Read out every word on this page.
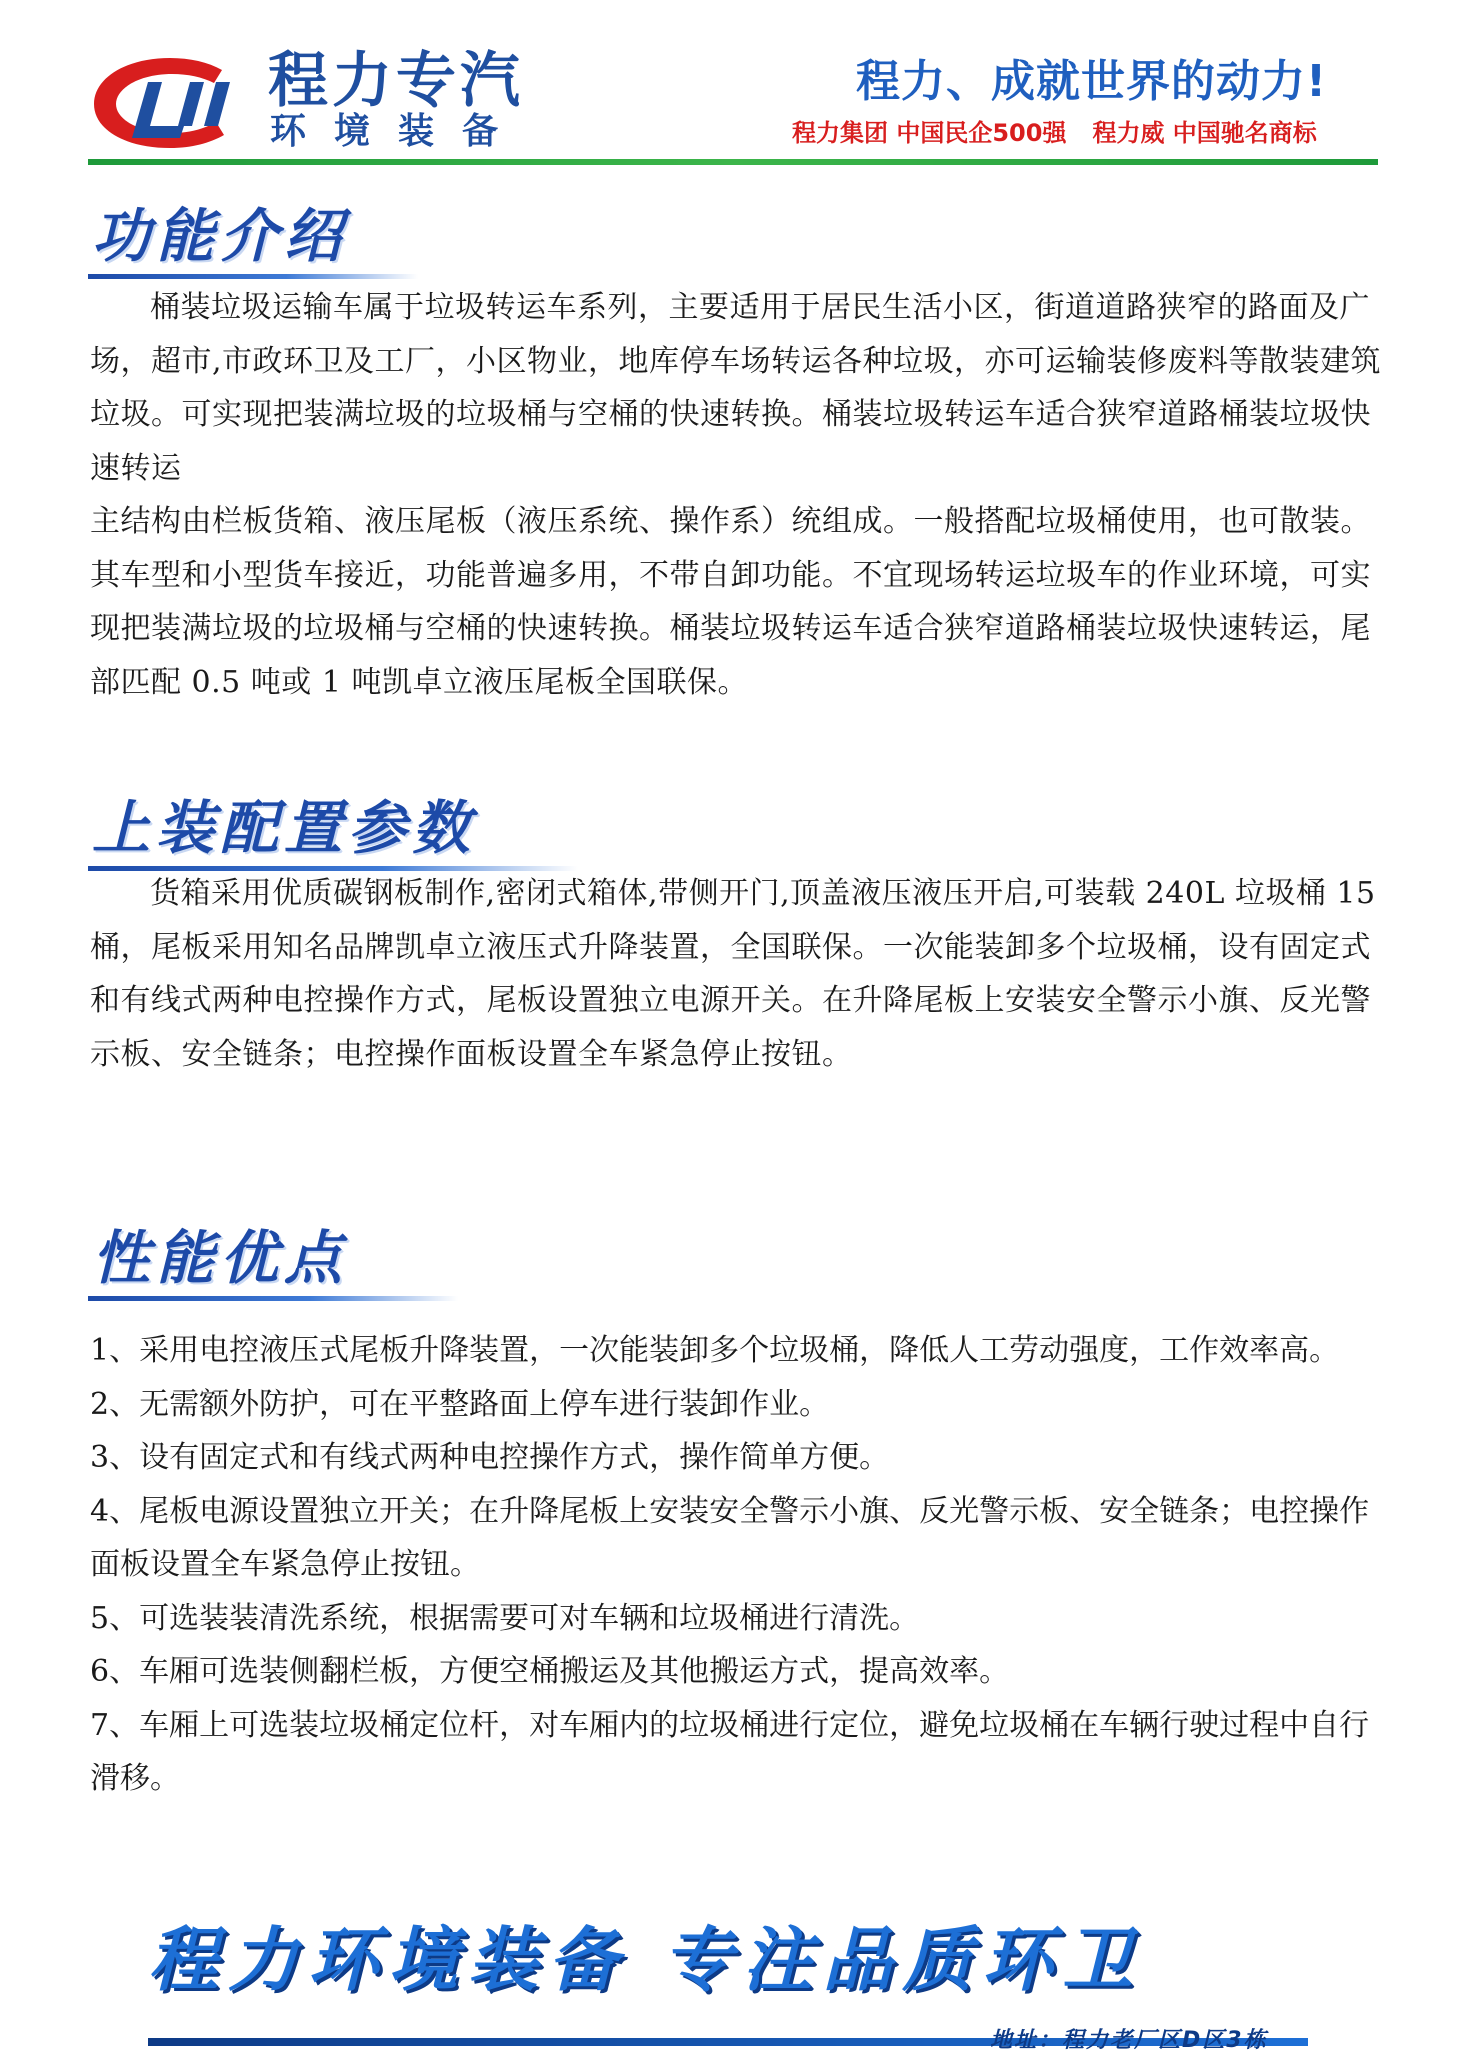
程力专汽
环境装备
程力、成就世界的动力!
程力集团 中国民企500强 程力威 中国驰名商标
功能介绍

桶装垃圾运输车属于垃圾转运车系列，主要适用于居民生活小区，街道道路狭窄的路面及广场，超市,市政环卫及工厂，小区物业，地库停车场转运各种垃圾，亦可运输装修废料等散装建筑垃圾。可实现把装满垃圾的垃圾桶与空桶的快速转换。桶装垃圾转运车适合狭窄道路桶装垃圾快速转运

主结构由栏板货箱、液压尾板（液压系统、操作系）统组成。一般搭配垃圾桶使用，也可散装。其车型和小型货车接近，功能普遍多用，不带自卸功能。不宜现场转运垃圾车的作业环境，可实现把装满垃圾的垃圾桶与空桶的快速转换。桶装垃圾转运车适合狭窄道路桶装垃圾快速转运，尾部匹配 0.5 吨或 1 吨凯卓立液压尾板全国联保。

上装配置参数

货箱采用优质碳钢板制作,密闭式箱体,带侧开门,顶盖液压液压开启,可装载 240L 垃圾桶 15 桶，尾板采用知名品牌凯卓立液压式升降装置，全国联保。一次能装卸多个垃圾桶，设有固定式和有线式两种电控操作方式，尾板设置独立电源开关。在升降尾板上安装安全警示小旗、反光警示板、安全链条；电控操作面板设置全车紧急停止按钮。

性能优点
1、采用电控液压式尾板升降装置，一次能装卸多个垃圾桶，降低人工劳动强度，工作效率高。
2、无需额外防护，可在平整路面上停车进行装卸作业。
3、设有固定式和有线式两种电控操作方式，操作简单方便。
4、尾板电源设置独立开关；在升降尾板上安装安全警示小旗、反光警示板、安全链条；电控操作面板设置全车紧急停止按钮。
5、可选装装清洗系统，根据需要可对车辆和垃圾桶进行清洗。
6、车厢可选装侧翻栏板，方便空桶搬运及其他搬运方式，提高效率。
7、车厢上可选装垃圾桶定位杆，对车厢内的垃圾桶进行定位，避免垃圾桶在车辆行驶过程中自行滑移。
程力环境装备 专注品质环卫
地址：程力老厂区D区3栋
